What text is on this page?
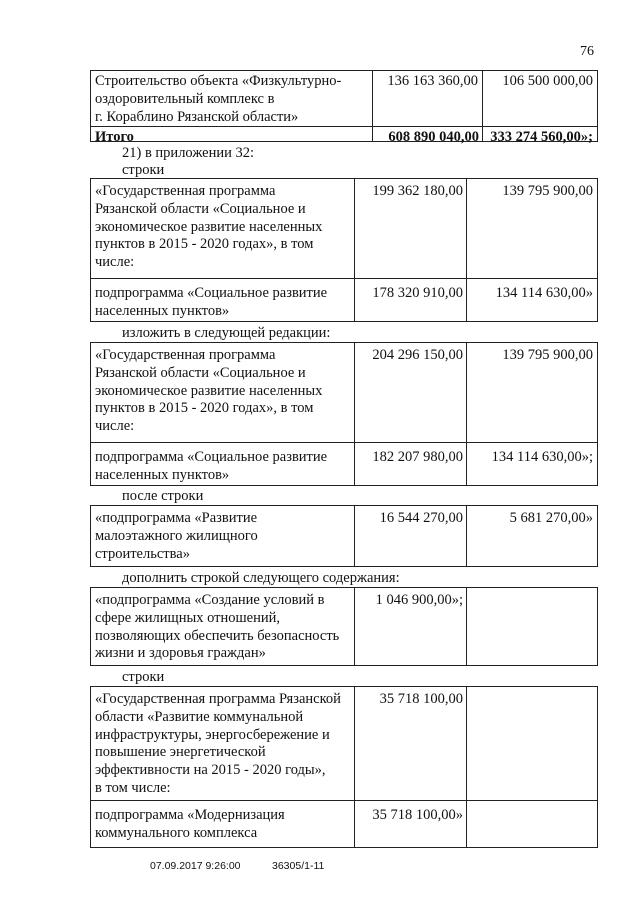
76
Строительство объекта «Физкультурно-
оздоровительный комплекс в
г. Кораблино Рязанской области»
136 163 360,00	106 500 000,00
Итого	608 890 040,00 333 274 560,00»;
21) в приложении 32:
строки
«Государственная программа
Рязанской области «Социальное и
экономическое развитие населенных
пунктов в 2015 - 2020 годах», в том
числе:
199 362 180,00	139 795 900,00
подпрограмма «Социальное развитие
населенных пунктов»
178 320 910,00	134 114 630,00»
изложить в следующей редакции:
«Государственная программа
Рязанской области «Социальное и
экономическое развитие населенных
пунктов в 2015 - 2020 годах», в том
числе:
204 296 150,00	139 795 900,00
подпрограмма «Социальное развитие
населенных пунктов»
182 207 980,00	134 114 630,00»;
после строки
«подпрограмма «Развитие
малоэтажного жилищного
строительства»
16 544 270,00	5 681 270,00»
дополнить строкой следующего содержания:
«подпрограмма «Создание условий в
сфере жилищных отношений,
позволяющих обеспечить безопасность
жизни и здоровья граждан»
1 046 900,00»;
строки
«Государственная программа Рязанской
области «Развитие коммунальной
инфраструктуры, энергосбережение и
повышение энергетической
эффективности на 2015 - 2020 годы»,
в том числе:
35 718 100,00
подпрограмма «Модернизация
коммунального комплекса
35 718 100,00»
07.09.2017 9:26:00	36305/1-11
